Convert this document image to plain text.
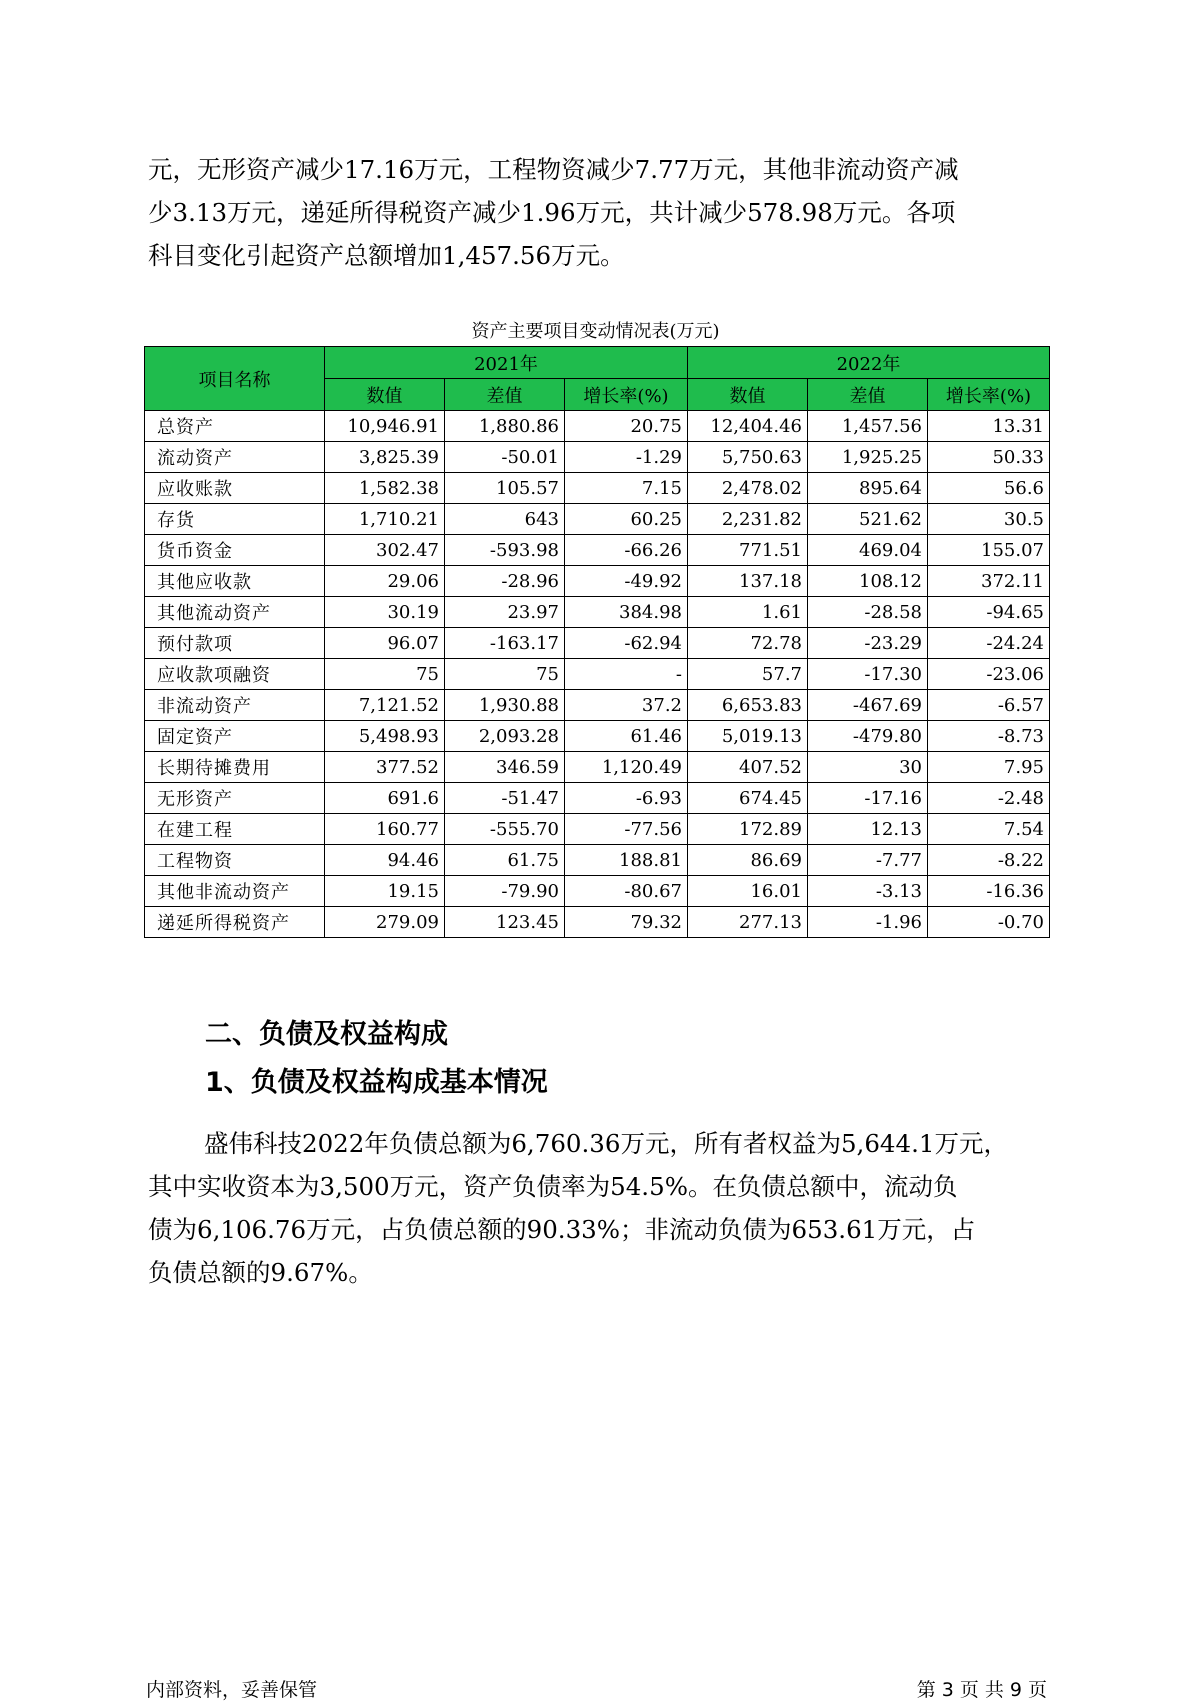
元，无形资产减少17.16万元，工程物资减少7.77万元，其他非流动资产减
少3.13万元，递延所得税资产减少1.96万元，共计减少578.98万元。各项
科目变化引起资产总额增加1,457.56万元。
资产主要项目变动情况表(万元)
项目名称	2021年			2022年		
	数值	差值	增长率(%)	数值	差值	增长率(%)
总资产	10,946.91	1,880.86	20.75	12,404.46	1,457.56	13.31
流动资产	3,825.39	-50.01	-1.29	5,750.63	1,925.25	50.33
应收账款	1,582.38	105.57	7.15	2,478.02	895.64	56.6
存货	1,710.21	643	60.25	2,231.82	521.62	30.5
货币资金	302.47	-593.98	-66.26	771.51	469.04	155.07
其他应收款	29.06	-28.96	-49.92	137.18	108.12	372.11
其他流动资产	30.19	23.97	384.98	1.61	-28.58	-94.65
预付款项	96.07	-163.17	-62.94	72.78	-23.29	-24.24
应收款项融资	75	75	-	57.7	-17.30	-23.06
非流动资产	7,121.52	1,930.88	37.2	6,653.83	-467.69	-6.57
固定资产	5,498.93	2,093.28	61.46	5,019.13	-479.80	-8.73
长期待摊费用	377.52	346.59	1,120.49	407.52	30	7.95
无形资产	691.6	-51.47	-6.93	674.45	-17.16	-2.48
在建工程	160.77	-555.70	-77.56	172.89	12.13	7.54
工程物资	94.46	61.75	188.81	86.69	-7.77	-8.22
其他非流动资产	19.15	-79.90	-80.67	16.01	-3.13	-16.36
递延所得税资产	279.09	123.45	79.32	277.13	-1.96	-0.70
二、负债及权益构成
1、负债及权益构成基本情况
盛伟科技2022年负债总额为6,760.36万元，所有者权益为5,644.1万元，
其中实收资本为3,500万元，资产负债率为54.5%。在负债总额中，流动负
债为6,106.76万元，占负债总额的90.33%；非流动负债为653.61万元，占
负债总额的9.67%。
内部资料，妥善保管	第 3 页 共 9 页
